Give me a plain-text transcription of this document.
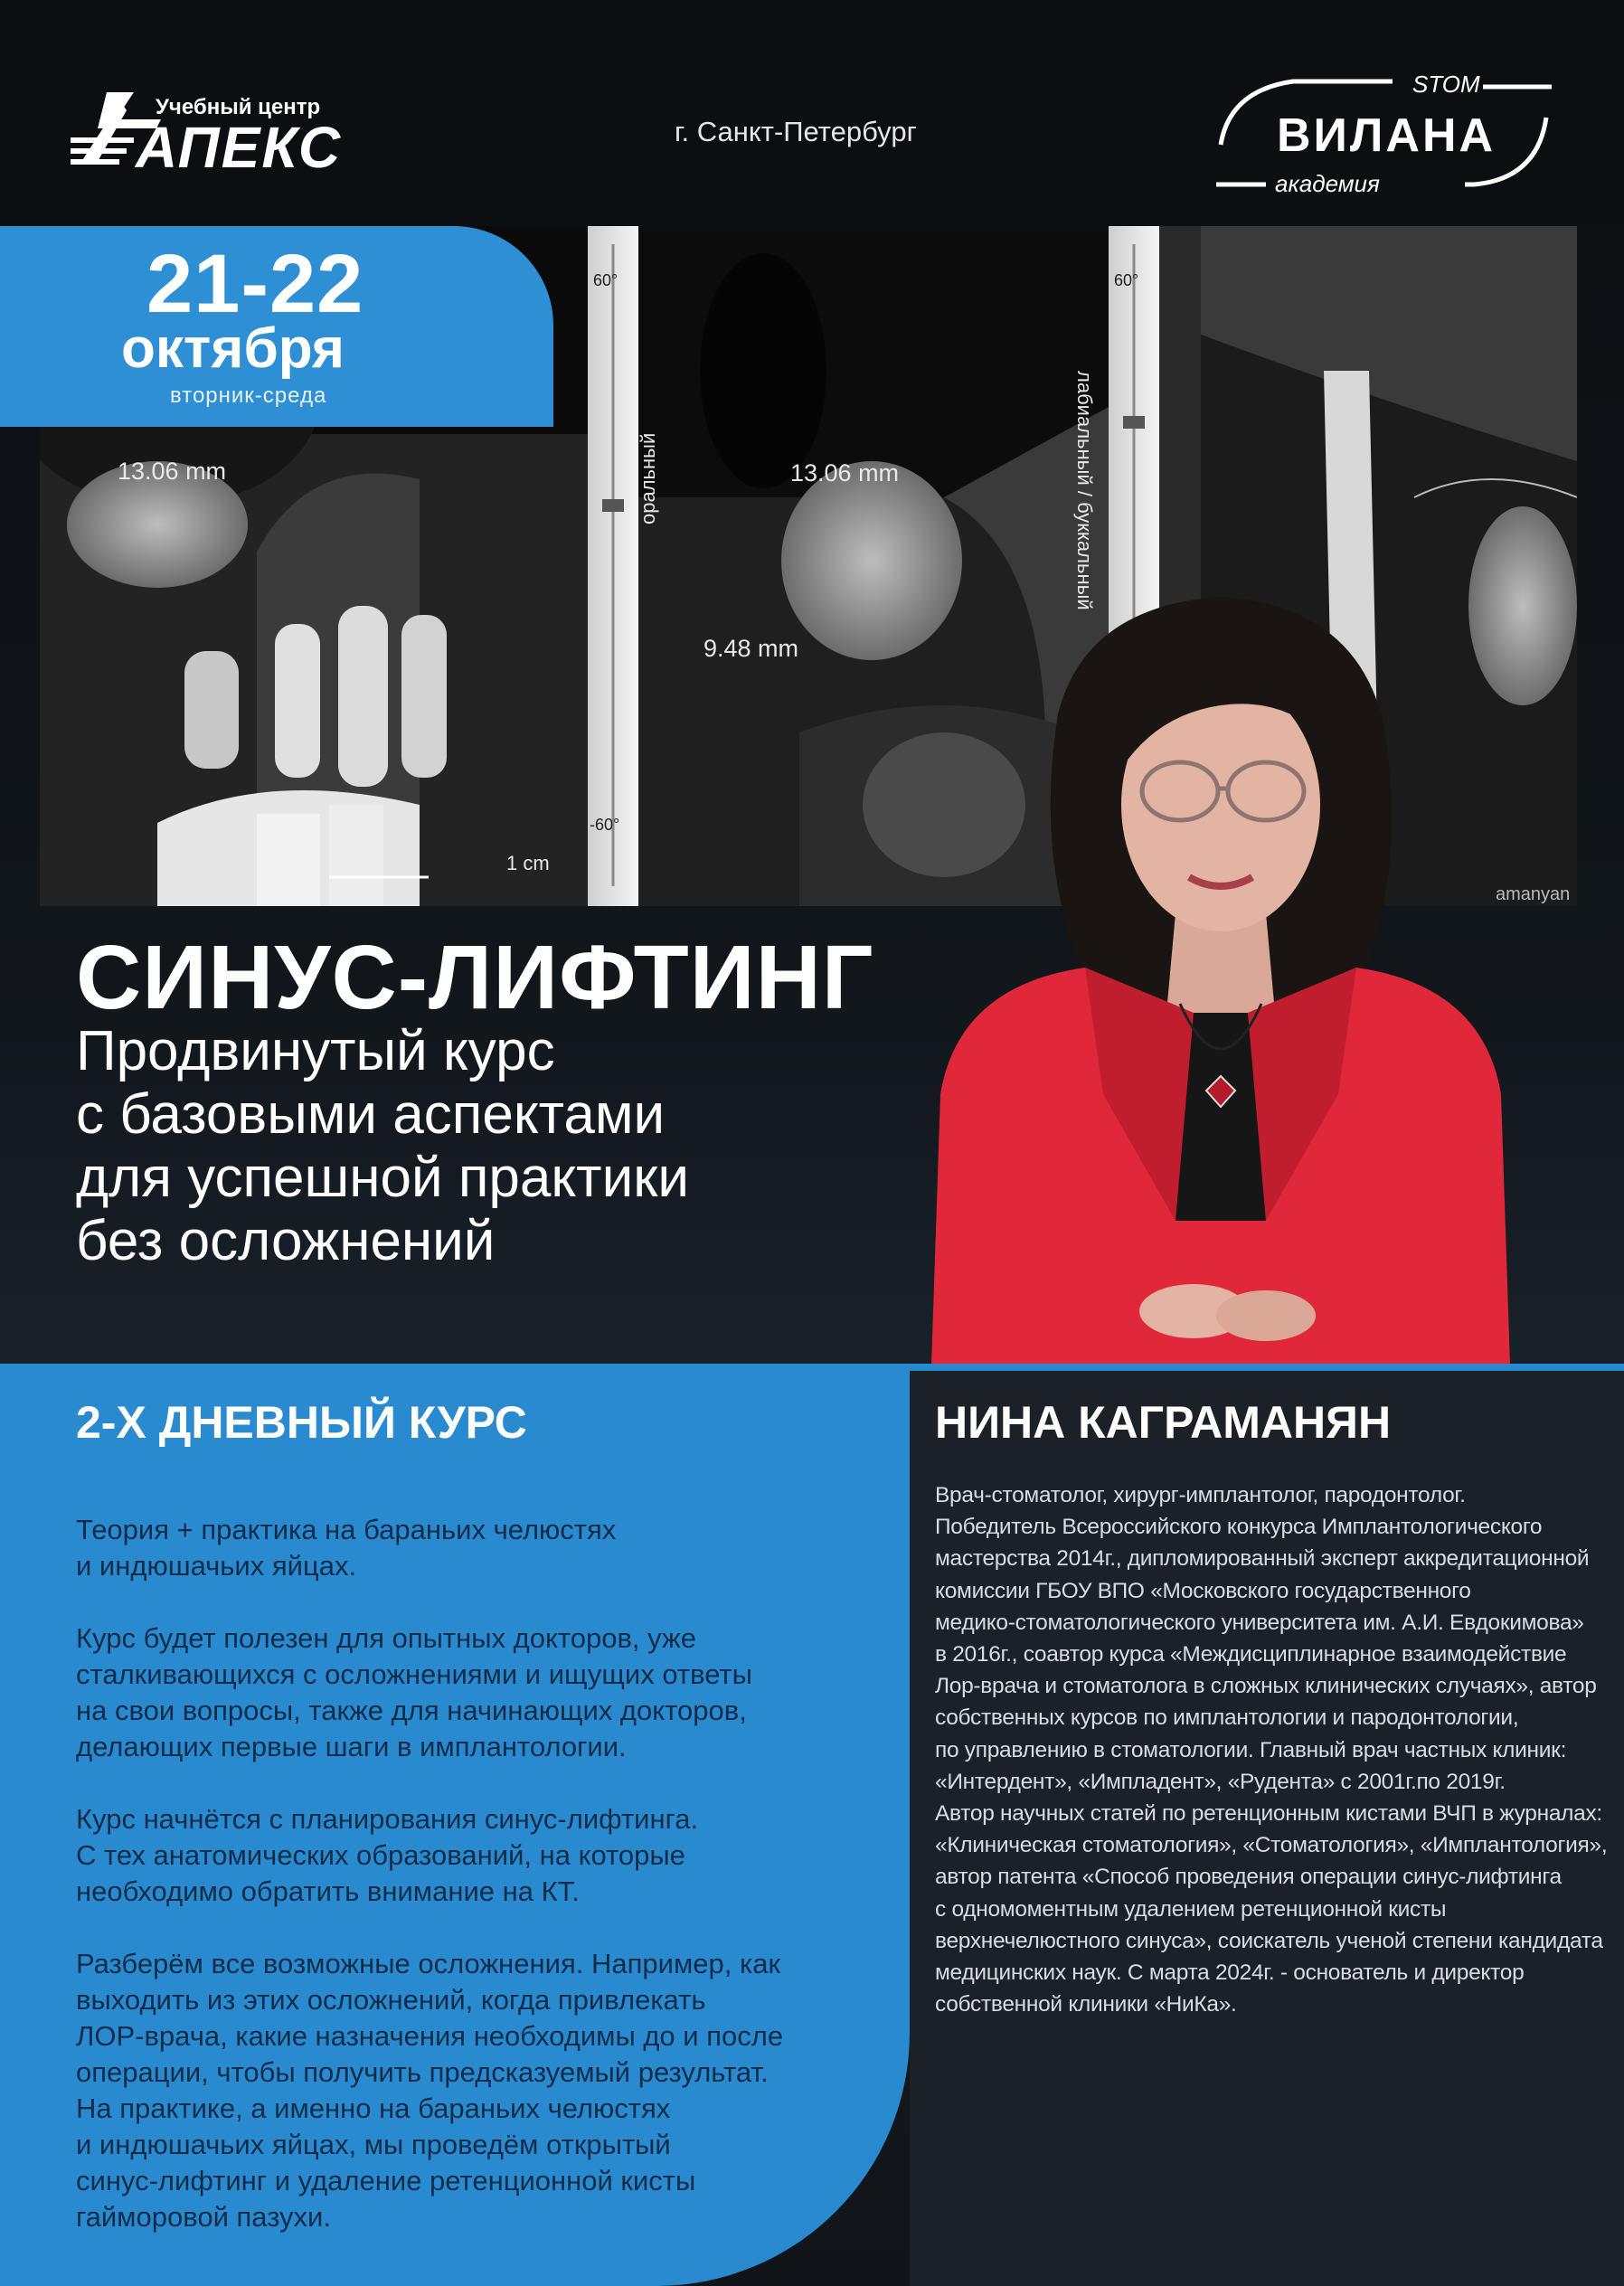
Учебный центр
АПЕКС	г. Санкт-Петербург
STOM
ВИЛАНА
академия
13.06 mm	13.06 mm
9.48 mm
1 cm
оральный	лабиальный / буккальный
60°
-60°
60°
amanyan
21-22
октября
вторник-среда
СИНУС-ЛИФТИНГ
Продвинутый курс
с базовыми аспектами
для успешной практики
без осложнений
2-Х ДНЕВНЫЙ КУРС

Теория + практика на бараньих челюстях
и индюшачьих яйцах.

Курс будет полезен для опытных докторов, уже
сталкивающихся с осложнениями и ищущих ответы
на свои вопросы, также для начинающих докторов,
делающих первые шаги в имплантологии.

Курс начнётся с планирования синус-лифтинга.
С тех анатомических образований, на которые
необходимо обратить внимание на КТ.

Разберём все возможные осложнения. Например, как
выходить из этих осложнений, когда привлекать
ЛОР-врача, какие назначения необходимы до и после
операции, чтобы получить предсказуемый результат.
На практике, а именно на бараньих челюстях
и индюшачьих яйцах, мы проведём открытый
синус-лифтинг и удаление ретенционной кисты
гайморовой пазухи.

НИНА КАГРАМАНЯН
Врач-стоматолог, хирург-имплантолог, пародонтолог.
Победитель Всероссийского конкурса Имплантологического
мастерства 2014г., дипломированный эксперт аккредитационной
комиссии ГБОУ ВПО «Московского государственного
медико-стоматологического университета им. А.И. Евдокимова»
в 2016г., соавтор курса «Междисциплинарное взаимодействие
Лор-врача и стоматолога в сложных клинических случаях», автор
собственных курсов по имплантологии и пародонтологии,
по управлению в стоматологии. Главный врач частных клиник:
«Интердент», «Импладент», «Рудента» с 2001г.по 2019г.
Автор научных статей по ретенционным кистами ВЧП в журналах:
«Клиническая стоматология», «Стоматология», «Имплантология»,
автор патента «Способ проведения операции синус-лифтинга
с одномоментным удалением ретенционной кисты
верхнечелюстного синуса», соискатель ученой степени кандидата
медицинских наук. С марта 2024г. - основатель и директор
собственной клиники «НиКа».
